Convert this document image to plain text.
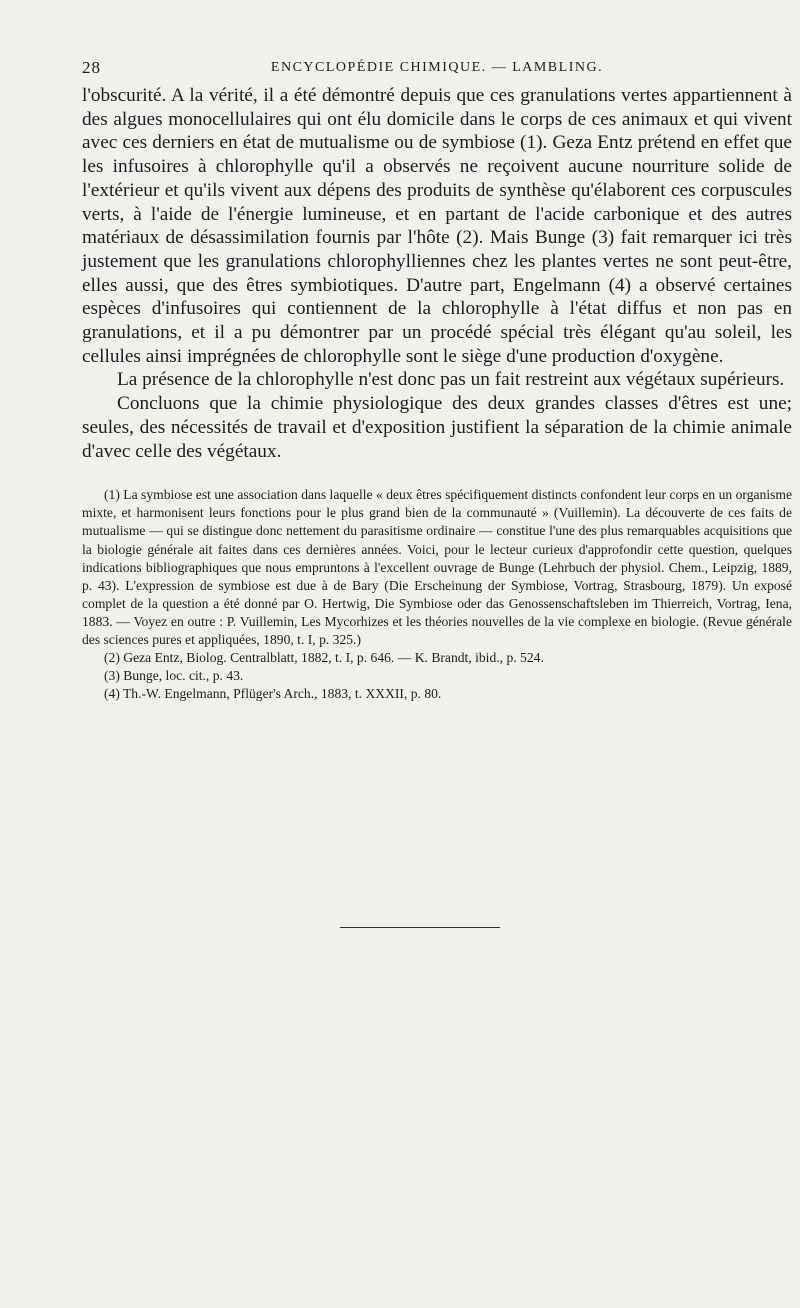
28	ENCYCLOPÉDIE CHIMIQUE. — LAMBLING.

l'obscurité. A la vérité, il a été démontré depuis que ces granulations vertes appartiennent à des algues monocellulaires qui ont élu domicile dans le corps de ces animaux et qui vivent avec ces derniers en état de mutualisme ou de symbiose (1). Geza Entz prétend en effet que les infusoires à chlorophylle qu'il a observés ne reçoivent aucune nourriture solide de l'extérieur et qu'ils vivent aux dépens des produits de synthèse qu'élaborent ces corpuscules verts, à l'aide de l'énergie lumineuse, et en partant de l'acide carbonique et des autres matériaux de désassimilation fournis par l'hôte (2). Mais Bunge (3) fait remarquer ici très justement que les granulations chlorophylliennes chez les plantes vertes ne sont peut-être, elles aussi, que des êtres symbiotiques. D'autre part, Engelmann (4) a observé certaines espèces d'infusoires qui contiennent de la chlorophylle à l'état diffus et non pas en granulations, et il a pu démontrer par un procédé spécial très élégant qu'au soleil, les cellules ainsi imprégnées de chlorophylle sont le siège d'une production d'oxygène.

La présence de la chlorophylle n'est donc pas un fait restreint aux végétaux supérieurs.

Concluons que la chimie physiologique des deux grandes classes d'êtres est une; seules, des nécessités de travail et d'exposition justifient la séparation de la chimie animale d'avec celle des végétaux.

(1) La symbiose est une association dans laquelle « deux êtres spécifiquement distincts confondent leur corps en un organisme mixte, et harmonisent leurs fonctions pour le plus grand bien de la communauté » (Vuillemin). La découverte de ces faits de mutualisme — qui se distingue donc nettement du parasitisme ordinaire — constitue l'une des plus remarquables acquisitions que la biologie générale ait faites dans ces dernières années. Voici, pour le lecteur curieux d'approfondir cette question, quelques indications bibliographiques que nous empruntons à l'excellent ouvrage de Bunge (Lehrbuch der physiol. Chem., Leipzig, 1889, p. 43). L'expression de symbiose est due à de Bary (Die Erscheinung der Symbiose, Vortrag, Strasbourg, 1879). Un exposé complet de la question a été donné par O. Hertwig, Die Symbiose oder das Genossenschaftsleben im Thierreich, Vortrag, Iena, 1883. — Voyez en outre : P. Vuillemin, Les Mycorhizes et les théories nouvelles de la vie complexe en biologie. (Revue générale des sciences pures et appliquées, 1890, t. I, p. 325.)

(2) Geza Entz, Biolog. Centralblatt, 1882, t. I, p. 646. — K. Brandt, ibid., p. 524.

(3) Bunge, loc. cit., p. 43.

(4) Th.-W. Engelmann, Pflüger's Arch., 1883, t. XXXII, p. 80.
